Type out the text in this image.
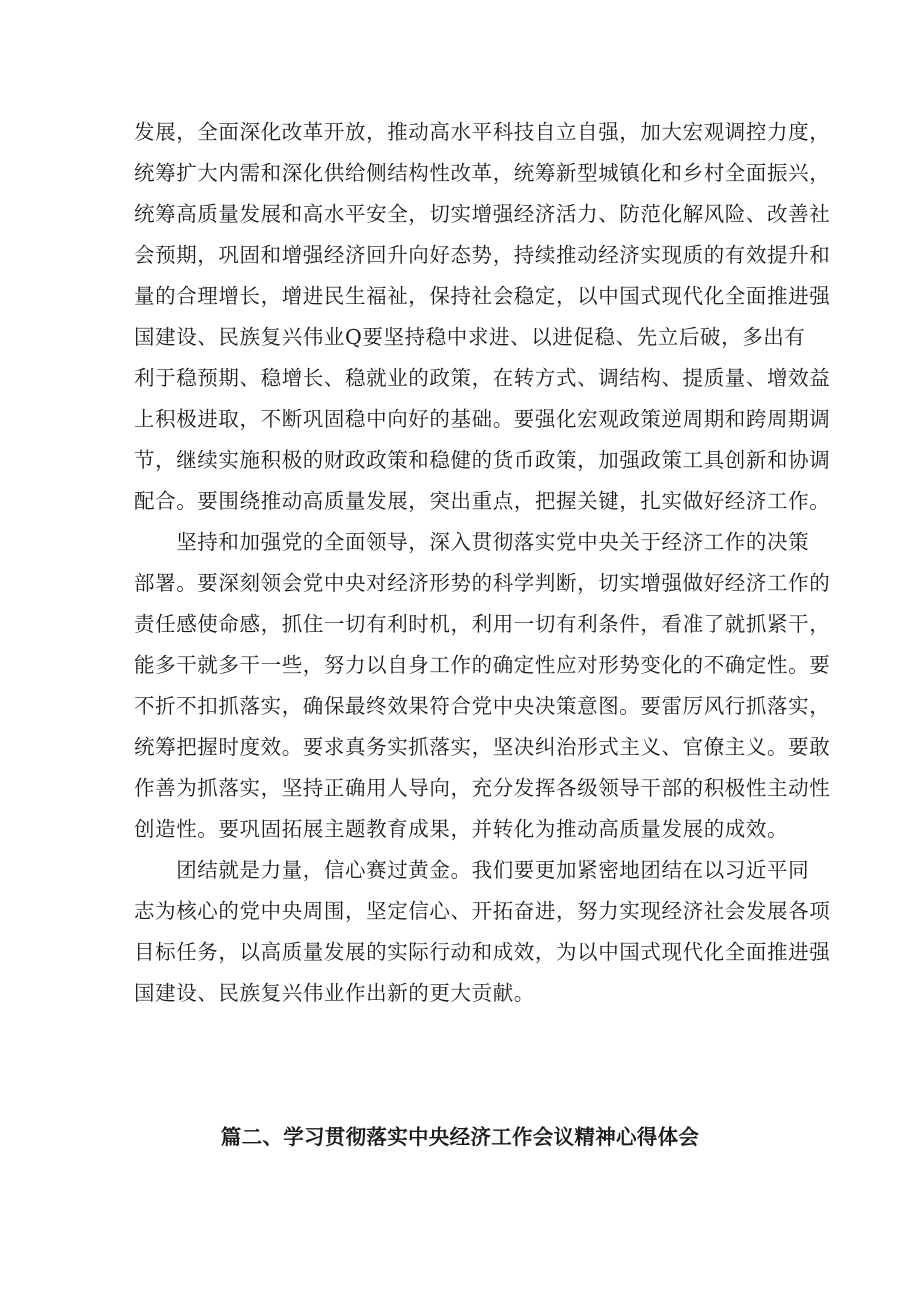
发展，全面深化改革开放，推动高水平科技自立自强，加大宏观调控力度，
统筹扩大内需和深化供给侧结构性改革，统筹新型城镇化和乡村全面振兴，
统筹高质量发展和高水平安全，切实增强经济活力、防范化解风险、改善社
会预期，巩固和增强经济回升向好态势，持续推动经济实现质的有效提升和
量的合理增长，增进民生福祉，保持社会稳定，以中国式现代化全面推进强
国建设、民族复兴伟业Q要坚持稳中求进、以进促稳、先立后破，多出有
利于稳预期、稳增长、稳就业的政策，在转方式、调结构、提质量、增效益
上积极进取，不断巩固稳中向好的基础。要强化宏观政策逆周期和跨周期调
节，继续实施积极的财政政策和稳健的货币政策，加强政策工具创新和协调
配合。要围绕推动高质量发展，突出重点，把握关键，扎实做好经济工作。

　　坚持和加强党的全面领导，深入贯彻落实党中央关于经济工作的决策
部署。要深刻领会党中央对经济形势的科学判断，切实增强做好经济工作的
责任感使命感，抓住一切有利时机，利用一切有利条件，看准了就抓紧干，
能多干就多干一些，努力以自身工作的确定性应对形势变化的不确定性。要
不折不扣抓落实，确保最终效果符合党中央决策意图。要雷厉风行抓落实，
统筹把握时度效。要求真务实抓落实，坚决纠治形式主义、官僚主义。要敢
作善为抓落实，坚持正确用人导向，充分发挥各级领导干部的积极性主动性
创造性。要巩固拓展主题教育成果，并转化为推动高质量发展的成效。

　　团结就是力量，信心赛过黄金。我们要更加紧密地团结在以习近平同
志为核心的党中央周围，坚定信心、开拓奋进，努力实现经济社会发展各项
目标任务，以高质量发展的实际行动和成效，为以中国式现代化全面推进强
国建设、民族复兴伟业作出新的更大贡献。

篇二、学习贯彻落实中央经济工作会议精神心得体会
